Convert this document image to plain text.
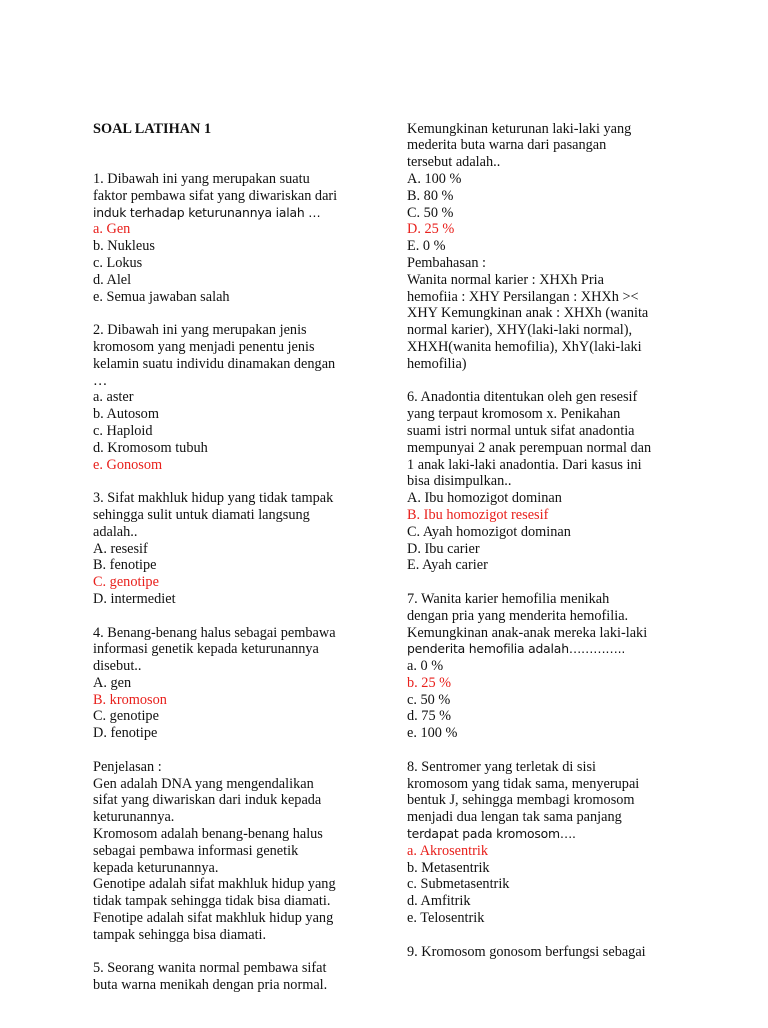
SOAL LATIHAN 1

1. Dibawah ini yang merupakan suatu
faktor pembawa sifat yang diwariskan dari
induk terhadap keturunannya ialah …
a. Gen
b. Nukleus
c. Lokus
d. Alel
e. Semua jawaban salah
2. Dibawah ini yang merupakan jenis
kromosom yang menjadi penentu jenis
kelamin suatu individu dinamakan dengan
…
a. aster
b. Autosom
c. Haploid
d. Kromosom tubuh
e. Gonosom
3. Sifat makhluk hidup yang tidak tampak
sehingga sulit untuk diamati langsung
adalah..
A. resesif
B. fenotipe
C. genotipe
D. intermediet
4. Benang-benang halus sebagai pembawa
informasi genetik kepada keturunannya
disebut..
A. gen
B. kromoson
C. genotipe
D. fenotipe
Penjelasan :
Gen adalah DNA yang mengendalikan
sifat yang diwariskan dari induk kepada
keturunannya.
Kromosom adalah benang-benang halus
sebagai pembawa informasi genetik
kepada keturunannya.
Genotipe adalah sifat makhluk hidup yang
tidak tampak sehingga tidak bisa diamati.
Fenotipe adalah sifat makhluk hidup yang
tampak sehingga bisa diamati.
5. Seorang wanita normal pembawa sifat
buta warna menikah dengan pria normal.

Kemungkinan keturunan laki-laki yang
mederita buta warna dari pasangan
tersebut adalah..
A. 100 %
B. 80 %
C. 50 %
D. 25 %
E. 0 %
Pembahasan :
Wanita normal karier : XHXh Pria
hemofiia : XHY Persilangan : XHXh ><
XHY Kemungkinan anak : XHXh (wanita
normal karier), XHY(laki-laki normal),
XHXH(wanita hemofilia), XhY(laki-laki
hemofilia)
6. Anadontia ditentukan oleh gen resesif
yang terpaut kromosom x. Penikahan
suami istri normal untuk sifat anadontia
mempunyai 2 anak perempuan normal dan
1 anak laki-laki anadontia. Dari kasus ini
bisa disimpulkan..
A. Ibu homozigot dominan
B. Ibu homozigot resesif
C. Ayah homozigot dominan
D. Ibu carier
E. Ayah carier
7. Wanita karier hemofilia menikah
dengan pria yang menderita hemofilia.
Kemungkinan anak-anak mereka laki-laki
penderita hemofilia adalah…………..
a. 0 %
b. 25 %
c. 50 %
d. 75 %
e. 100 %
8. Sentromer yang terletak di sisi
kromosom yang tidak sama, menyerupai
bentuk J, sehingga membagi kromosom
menjadi dua lengan tak sama panjang
terdapat pada kromosom….
a. Akrosentrik
b. Metasentrik
c. Submetasentrik
d. Amfitrik
e. Telosentrik
9. Kromosom gonosom berfungsi sebagai
